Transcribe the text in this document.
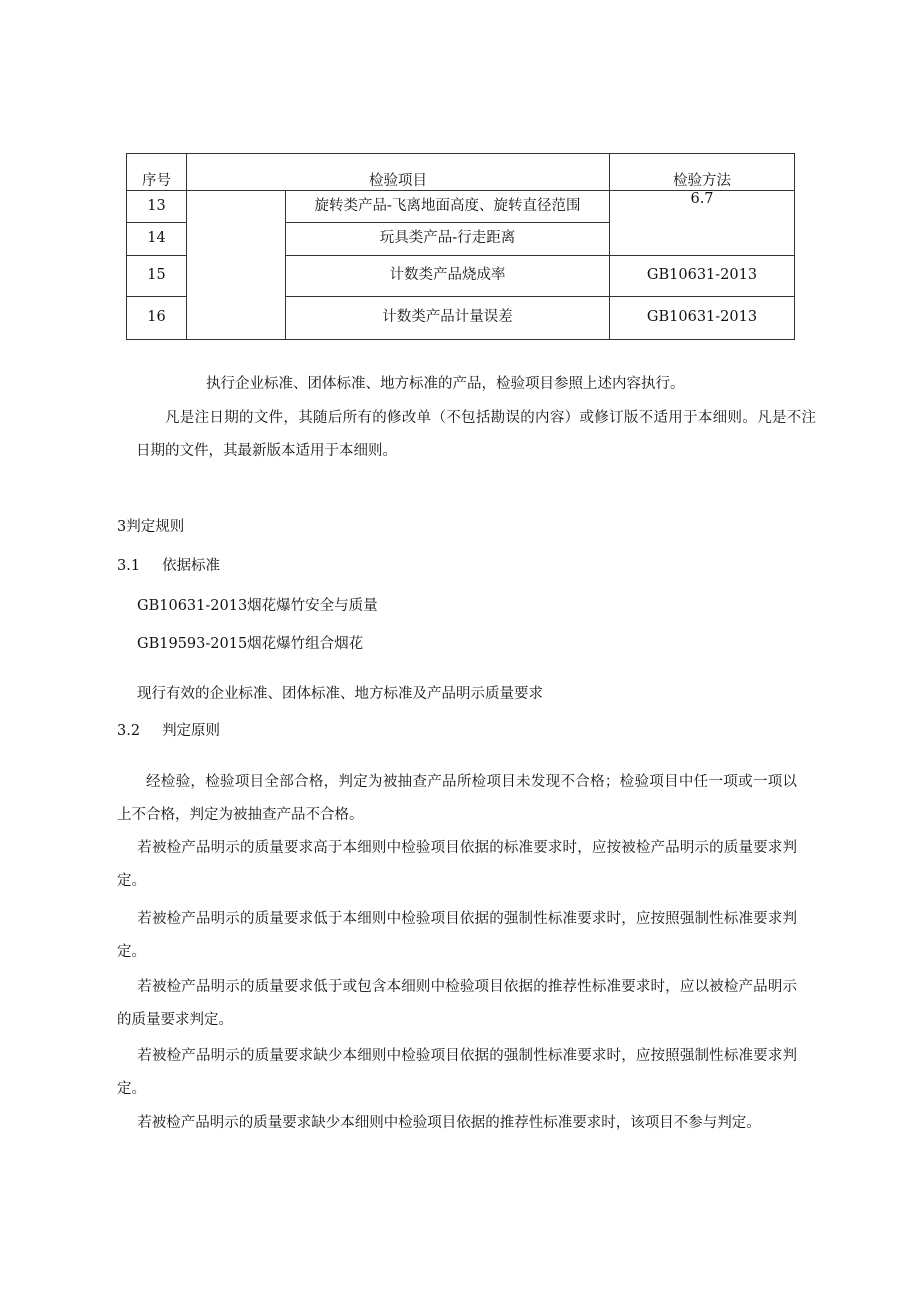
序号	检验项目		检验方法
13		旋转类产品-飞离地面高度、旋转直径范围	6.7
14		玩具类产品-行走距离	
15		计数类产品烧成率	GB10631-2013
16		计数类产品计量误差	GB10631-2013

执行企业标准、团体标准、地方标准的产品，检验项目参照上述内容执行。

凡是注日期的文件，其随后所有的修改单（不包括勘误的内容）或修订版不适用于本细则。凡是不注日期的文件，其最新版本适用于本细则。

3判定规则

3.1 依据标准

GB10631-2013烟花爆竹安全与质量

GB19593-2015烟花爆竹组合烟花

现行有效的企业标准、团体标准、地方标准及产品明示质量要求

3.2 判定原则

经检验，检验项目全部合格，判定为被抽查产品所检项目未发现不合格；检验项目中任一项或一项以上不合格，判定为被抽查产品不合格。

若被检产品明示的质量要求高于本细则中检验项目依据的标准要求时，应按被检产品明示的质量要求判定。

若被检产品明示的质量要求低于本细则中检验项目依据的强制性标准要求时，应按照强制性标准要求判定。

若被检产品明示的质量要求低于或包含本细则中检验项目依据的推荐性标准要求时，应以被检产品明示的质量要求判定。

若被检产品明示的质量要求缺少本细则中检验项目依据的强制性标准要求时，应按照强制性标准要求判定。

若被检产品明示的质量要求缺少本细则中检验项目依据的推荐性标准要求时，该项目不参与判定。
